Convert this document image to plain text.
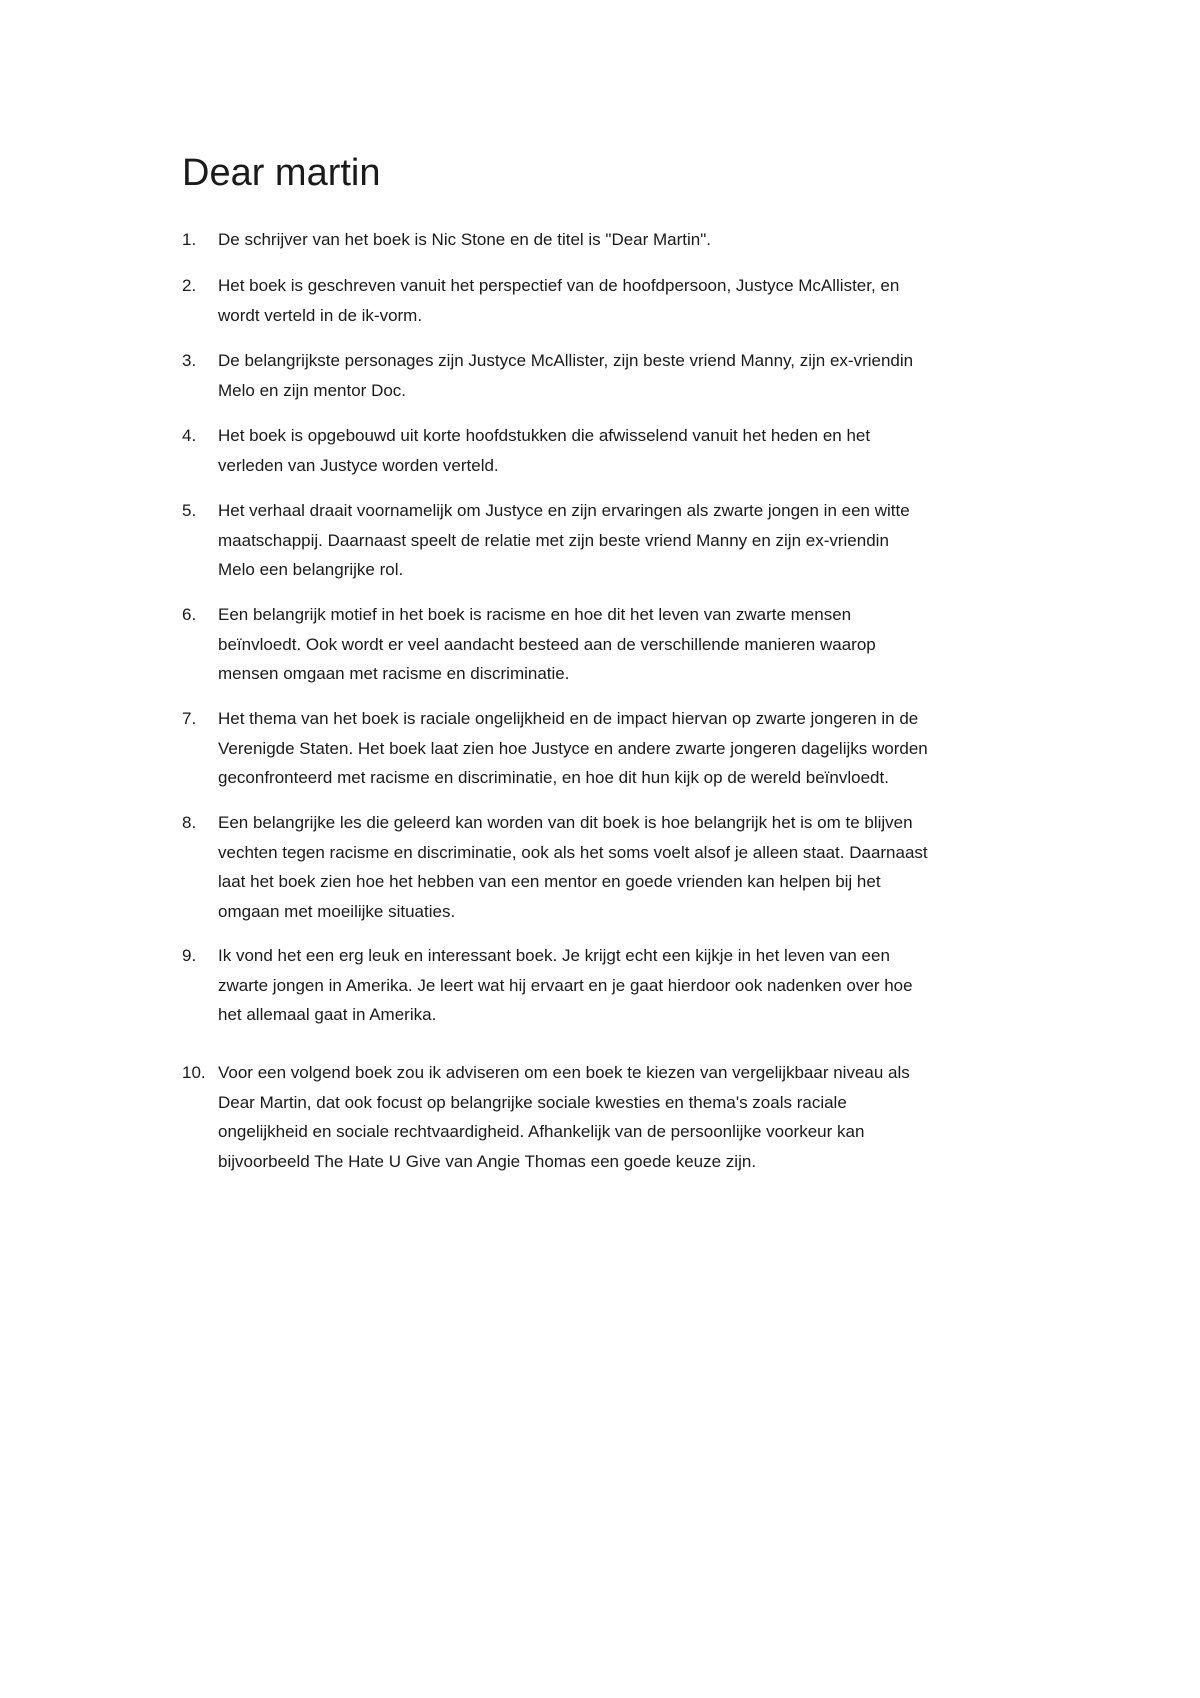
Dear martin
1.	De schrijver van het boek is Nic Stone en de titel is "Dear Martin".
2.	Het boek is geschreven vanuit het perspectief van de hoofdpersoon, Justyce McAllister, en
wordt verteld in de ik-vorm.
3.	De belangrijkste personages zijn Justyce McAllister, zijn beste vriend Manny, zijn ex-vriendin
Melo en zijn mentor Doc.
4.	Het boek is opgebouwd uit korte hoofdstukken die afwisselend vanuit het heden en het
verleden van Justyce worden verteld.
5.	Het verhaal draait voornamelijk om Justyce en zijn ervaringen als zwarte jongen in een witte
maatschappij. Daarnaast speelt de relatie met zijn beste vriend Manny en zijn ex-vriendin
Melo een belangrijke rol.
6.	Een belangrijk motief in het boek is racisme en hoe dit het leven van zwarte mensen
beïnvloedt. Ook wordt er veel aandacht besteed aan de verschillende manieren waarop
mensen omgaan met racisme en discriminatie.
7.	Het thema van het boek is raciale ongelijkheid en de impact hiervan op zwarte jongeren in de
Verenigde Staten. Het boek laat zien hoe Justyce en andere zwarte jongeren dagelijks worden
geconfronteerd met racisme en discriminatie, en hoe dit hun kijk op de wereld beïnvloedt.
8.	Een belangrijke les die geleerd kan worden van dit boek is hoe belangrijk het is om te blijven
vechten tegen racisme en discriminatie, ook als het soms voelt alsof je alleen staat. Daarnaast
laat het boek zien hoe het hebben van een mentor en goede vrienden kan helpen bij het
omgaan met moeilijke situaties.
9.	Ik vond het een erg leuk en interessant boek. Je krijgt echt een kijkje in het leven van een
zwarte jongen in Amerika. Je leert wat hij ervaart en je gaat hierdoor ook nadenken over hoe
het allemaal gaat in Amerika.
10. Voor een volgend boek zou ik adviseren om een boek te kiezen van vergelijkbaar niveau als
Dear Martin, dat ook focust op belangrijke sociale kwesties en thema's zoals raciale
ongelijkheid en sociale rechtvaardigheid. Afhankelijk van de persoonlijke voorkeur kan
bijvoorbeeld The Hate U Give van Angie Thomas een goede keuze zijn.
